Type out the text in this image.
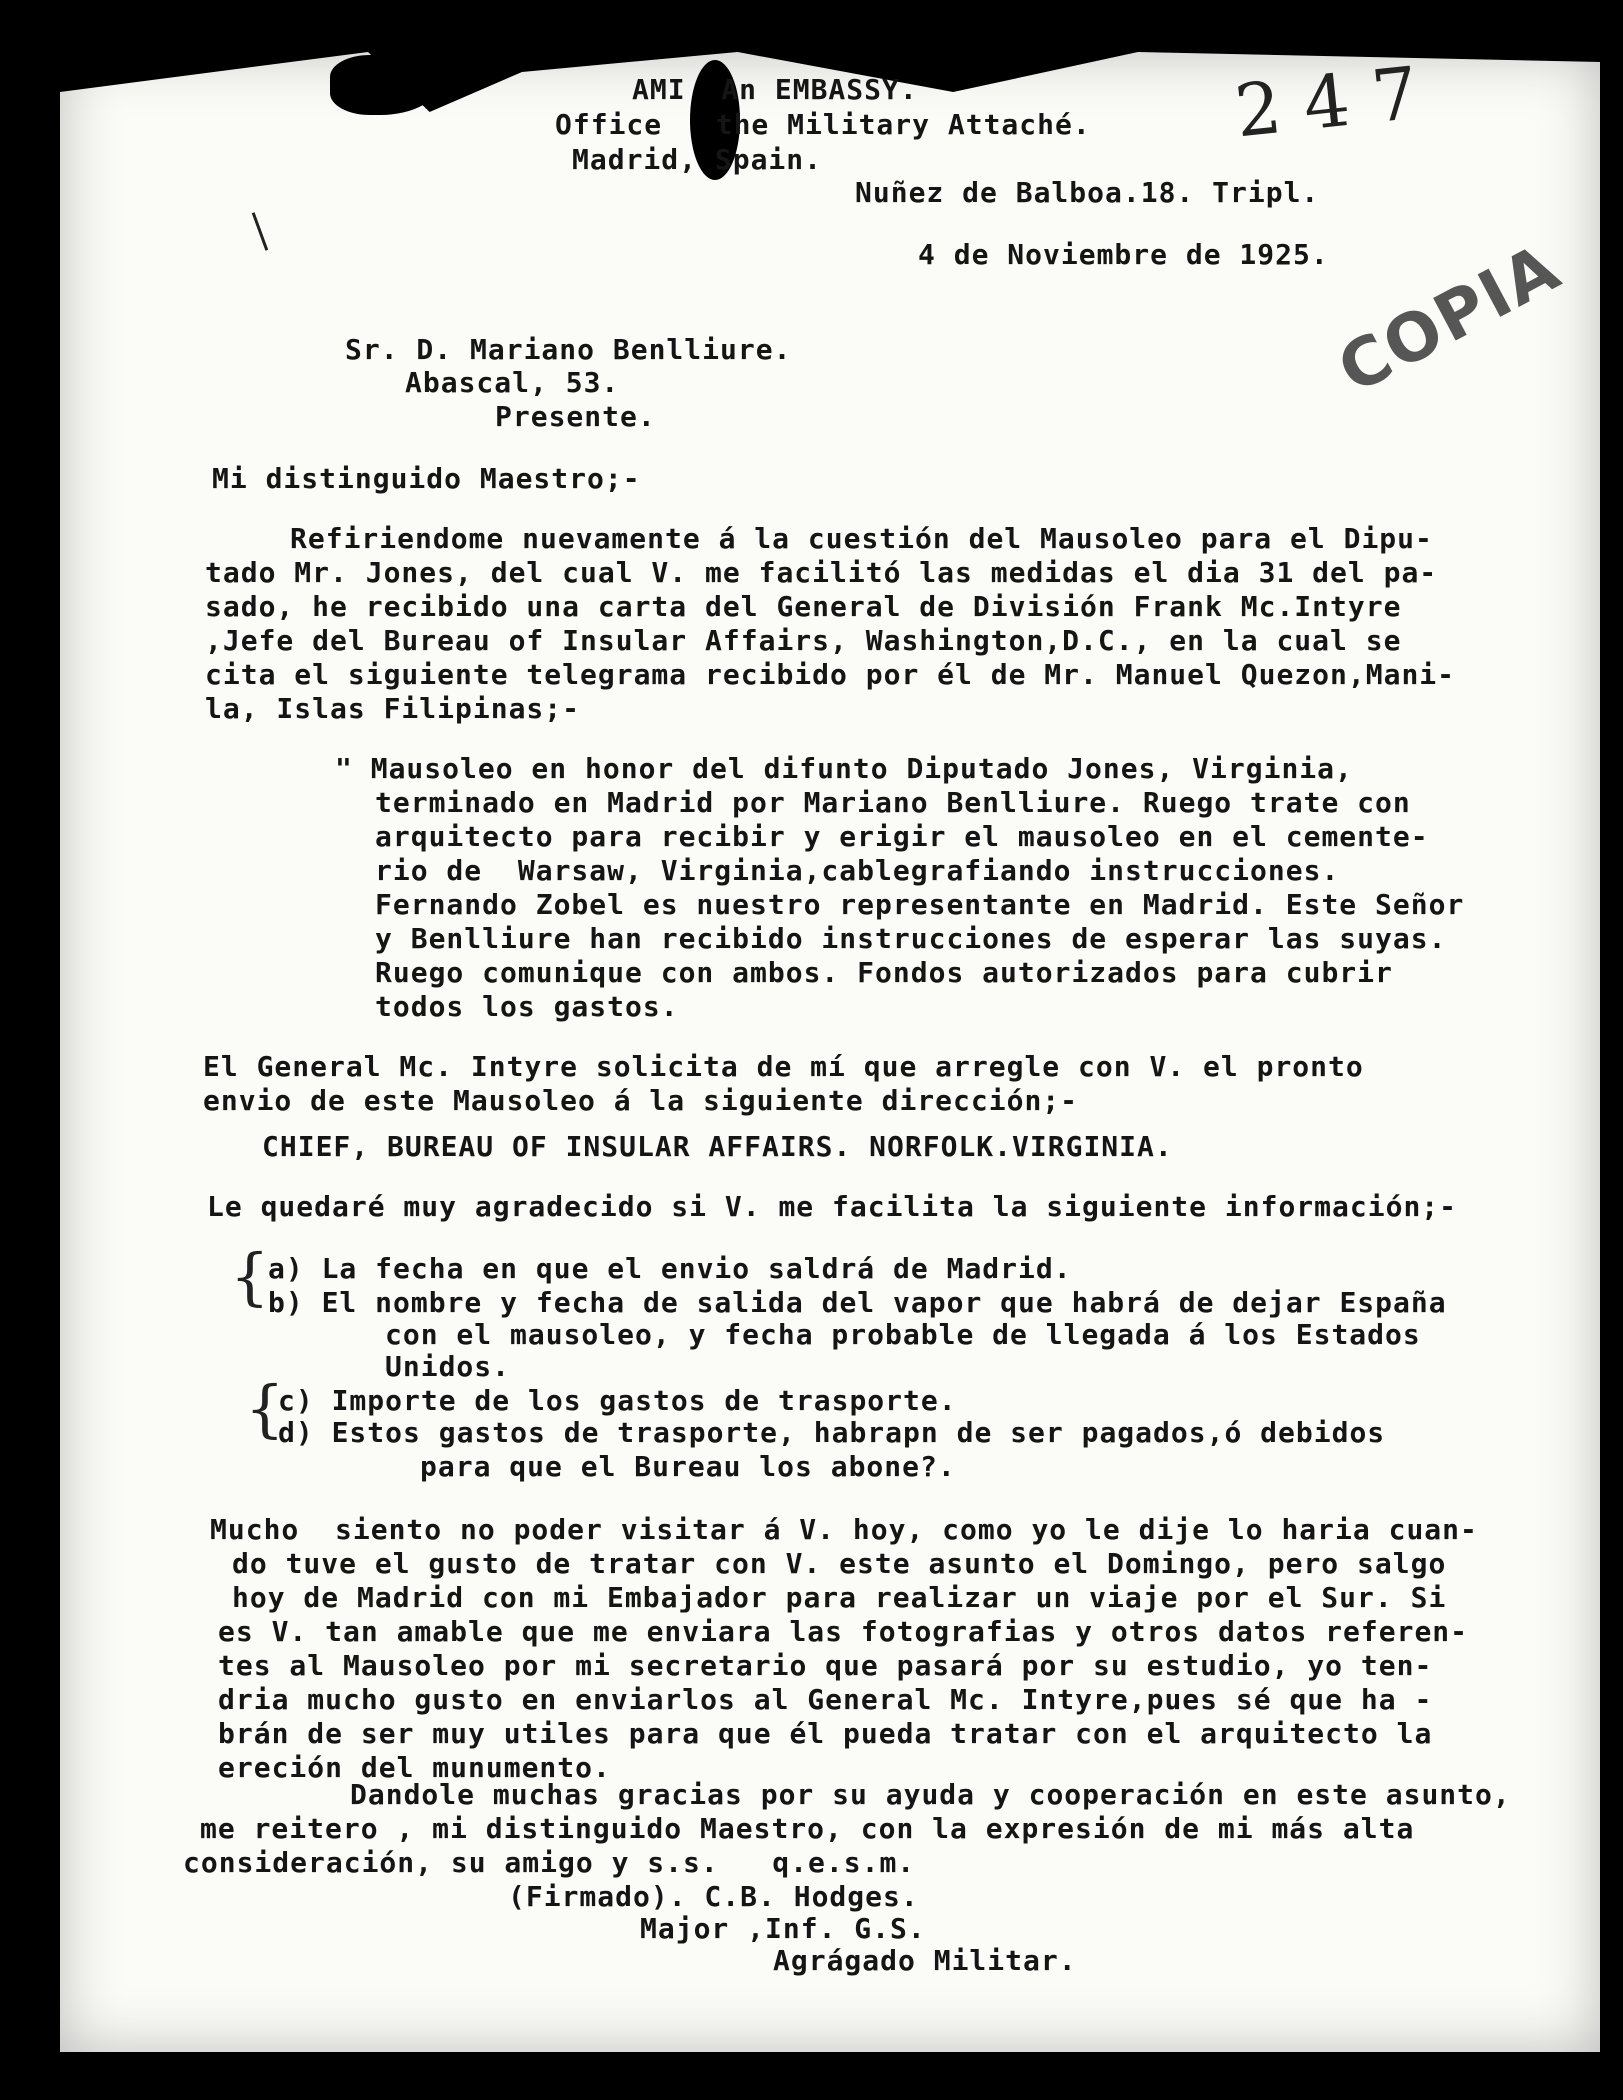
2 4 7
COPIA
AMI  An EMBASSY.
Office   the Military Attaché.
Madrid, Spain.
Nuñez de Balboa.18. Tripl.
4 de Noviembre de 1925.
Sr. D. Mariano Benlliure.
Abascal, 53.
Presente.
Mi distinguido Maestro;-
Refiriendome nuevamente á la cuestión del Mausoleo para el Dipu-
tado Mr. Jones, del cual V. me facilitó las medidas el dia 31 del pa-
sado, he recibido una carta del General de División Frank Mc.Intyre
,Jefe del Bureau of Insular Affairs, Washington,D.C., en la cual se
cita el siguiente telegrama recibido por él de Mr. Manuel Quezon,Mani-
la, Islas Filipinas;-
" Mausoleo en honor del difunto Diputado Jones, Virginia,
terminado en Madrid por Mariano Benlliure. Ruego trate con
arquitecto para recibir y erigir el mausoleo en el cemente-
rio de  Warsaw, Virginia,cablegrafiando instrucciones.
Fernando Zobel es nuestro representante en Madrid. Este Señor
y Benlliure han recibido instrucciones de esperar las suyas.
Ruego comunique con ambos. Fondos autorizados para cubrir
todos los gastos.
El General Mc. Intyre solicita de mí que arregle con V. el pronto
envio de este Mausoleo á la siguiente dirección;-
CHIEF, BUREAU OF INSULAR AFFAIRS. NORFOLK.VIRGINIA.
Le quedaré muy agradecido si V. me facilita la siguiente información;-
{
a) La fecha en que el envio saldrá de Madrid.
b) El nombre y fecha de salida del vapor que habrá de dejar España
con el mausoleo, y fecha probable de llegada á los Estados
Unidos.
{
c) Importe de los gastos de trasporte.
d) Estos gastos de trasporte, habrapn de ser pagados,ó debidos
para que el Bureau los abone?.
Mucho  siento no poder visitar á V. hoy, como yo le dije lo haria cuan-
do tuve el gusto de tratar con V. este asunto el Domingo, pero salgo
hoy de Madrid con mi Embajador para realizar un viaje por el Sur. Si
es V. tan amable que me enviara las fotografias y otros datos referen-
tes al Mausoleo por mi secretario que pasará por su estudio, yo ten-
dria mucho gusto en enviarlos al General Mc. Intyre,pues sé que ha -
brán de ser muy utiles para que él pueda tratar con el arquitecto la
ereción del munumento.
Dandole muchas gracias por su ayuda y cooperación en este asunto,
me reitero , mi distinguido Maestro, con la expresión de mi más alta
consideración, su amigo y s.s.   q.e.s.m.
(Firmado). C.B. Hodges.
Major ,Inf. G.S.
Agrágado Militar.
